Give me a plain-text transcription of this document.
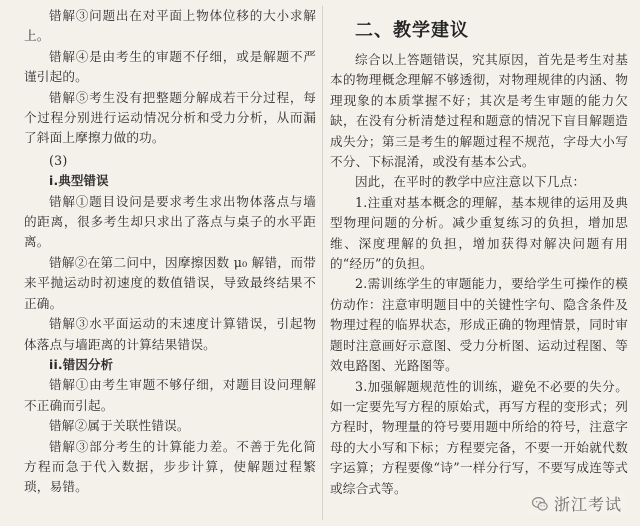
错解③问题出在对平面上物体位移的大小求解上。

错解④是由考生的审题不仔细，或是解题不严谨引起的。

错解⑤考生没有把整题分解成若干分过程，每个过程分别进行运动情况分析和受力分析，从而漏了斜面上摩擦力做的功。

(3)

i.典型错误

错解①题目设问是要求考生求出物体落点与墙的距离，很多考生却只求出了落点与桌子的水平距离。

错解②在第二问中，因摩擦因数 μ₀ 解错，而带来平抛运动时初速度的数值错误，导致最终结果不正确。

错解③水平面运动的末速度计算错误，引起物体落点与墙距离的计算结果错误。

ii.错因分析

错解①由考生审题不够仔细，对题目设问理解不正确而引起。

错解②属于关联性错误。

错解③部分考生的计算能力差。不善于先化简方程而急于代入数据，步步计算，使解题过程繁琐，易错。

二、教学建议

综合以上答题错误，究其原因，首先是考生对基本的物理概念理解不够透彻，对物理规律的内涵、物理现象的本质掌握不好；其次是考生审题的能力欠缺，在没有分析清楚过程和题意的情况下盲目解题造成失分；第三是考生的解题过程不规范，字母大小写不分、下标混淆，或没有基本公式。

因此，在平时的教学中应注意以下几点：

1.注重对基本概念的理解，基本规律的运用及典型物理问题的分析。减少重复练习的负担，增加思维、深度理解的负担，增加获得对解决问题有用的“经历”的负担。

2.需训练学生的审题能力，要给学生可操作的模仿动作：注意审明题目中的关键性字句、隐含条件及物理过程的临界状态，形成正确的物理情景，同时审题时注意画好示意图、受力分析图、运动过程图、等效电路图、光路图等。

3.加强解题规范性的训练，避免不必要的失分。如一定要先写方程的原始式，再写方程的变形式；列方程时，物理量的符号要用题中所给的符号，注意字母的大小写和下标；方程要完备，不要一开始就代数字运算；方程要像“诗”一样分行写，不要写成连等式或综合式等。

浙江考试
